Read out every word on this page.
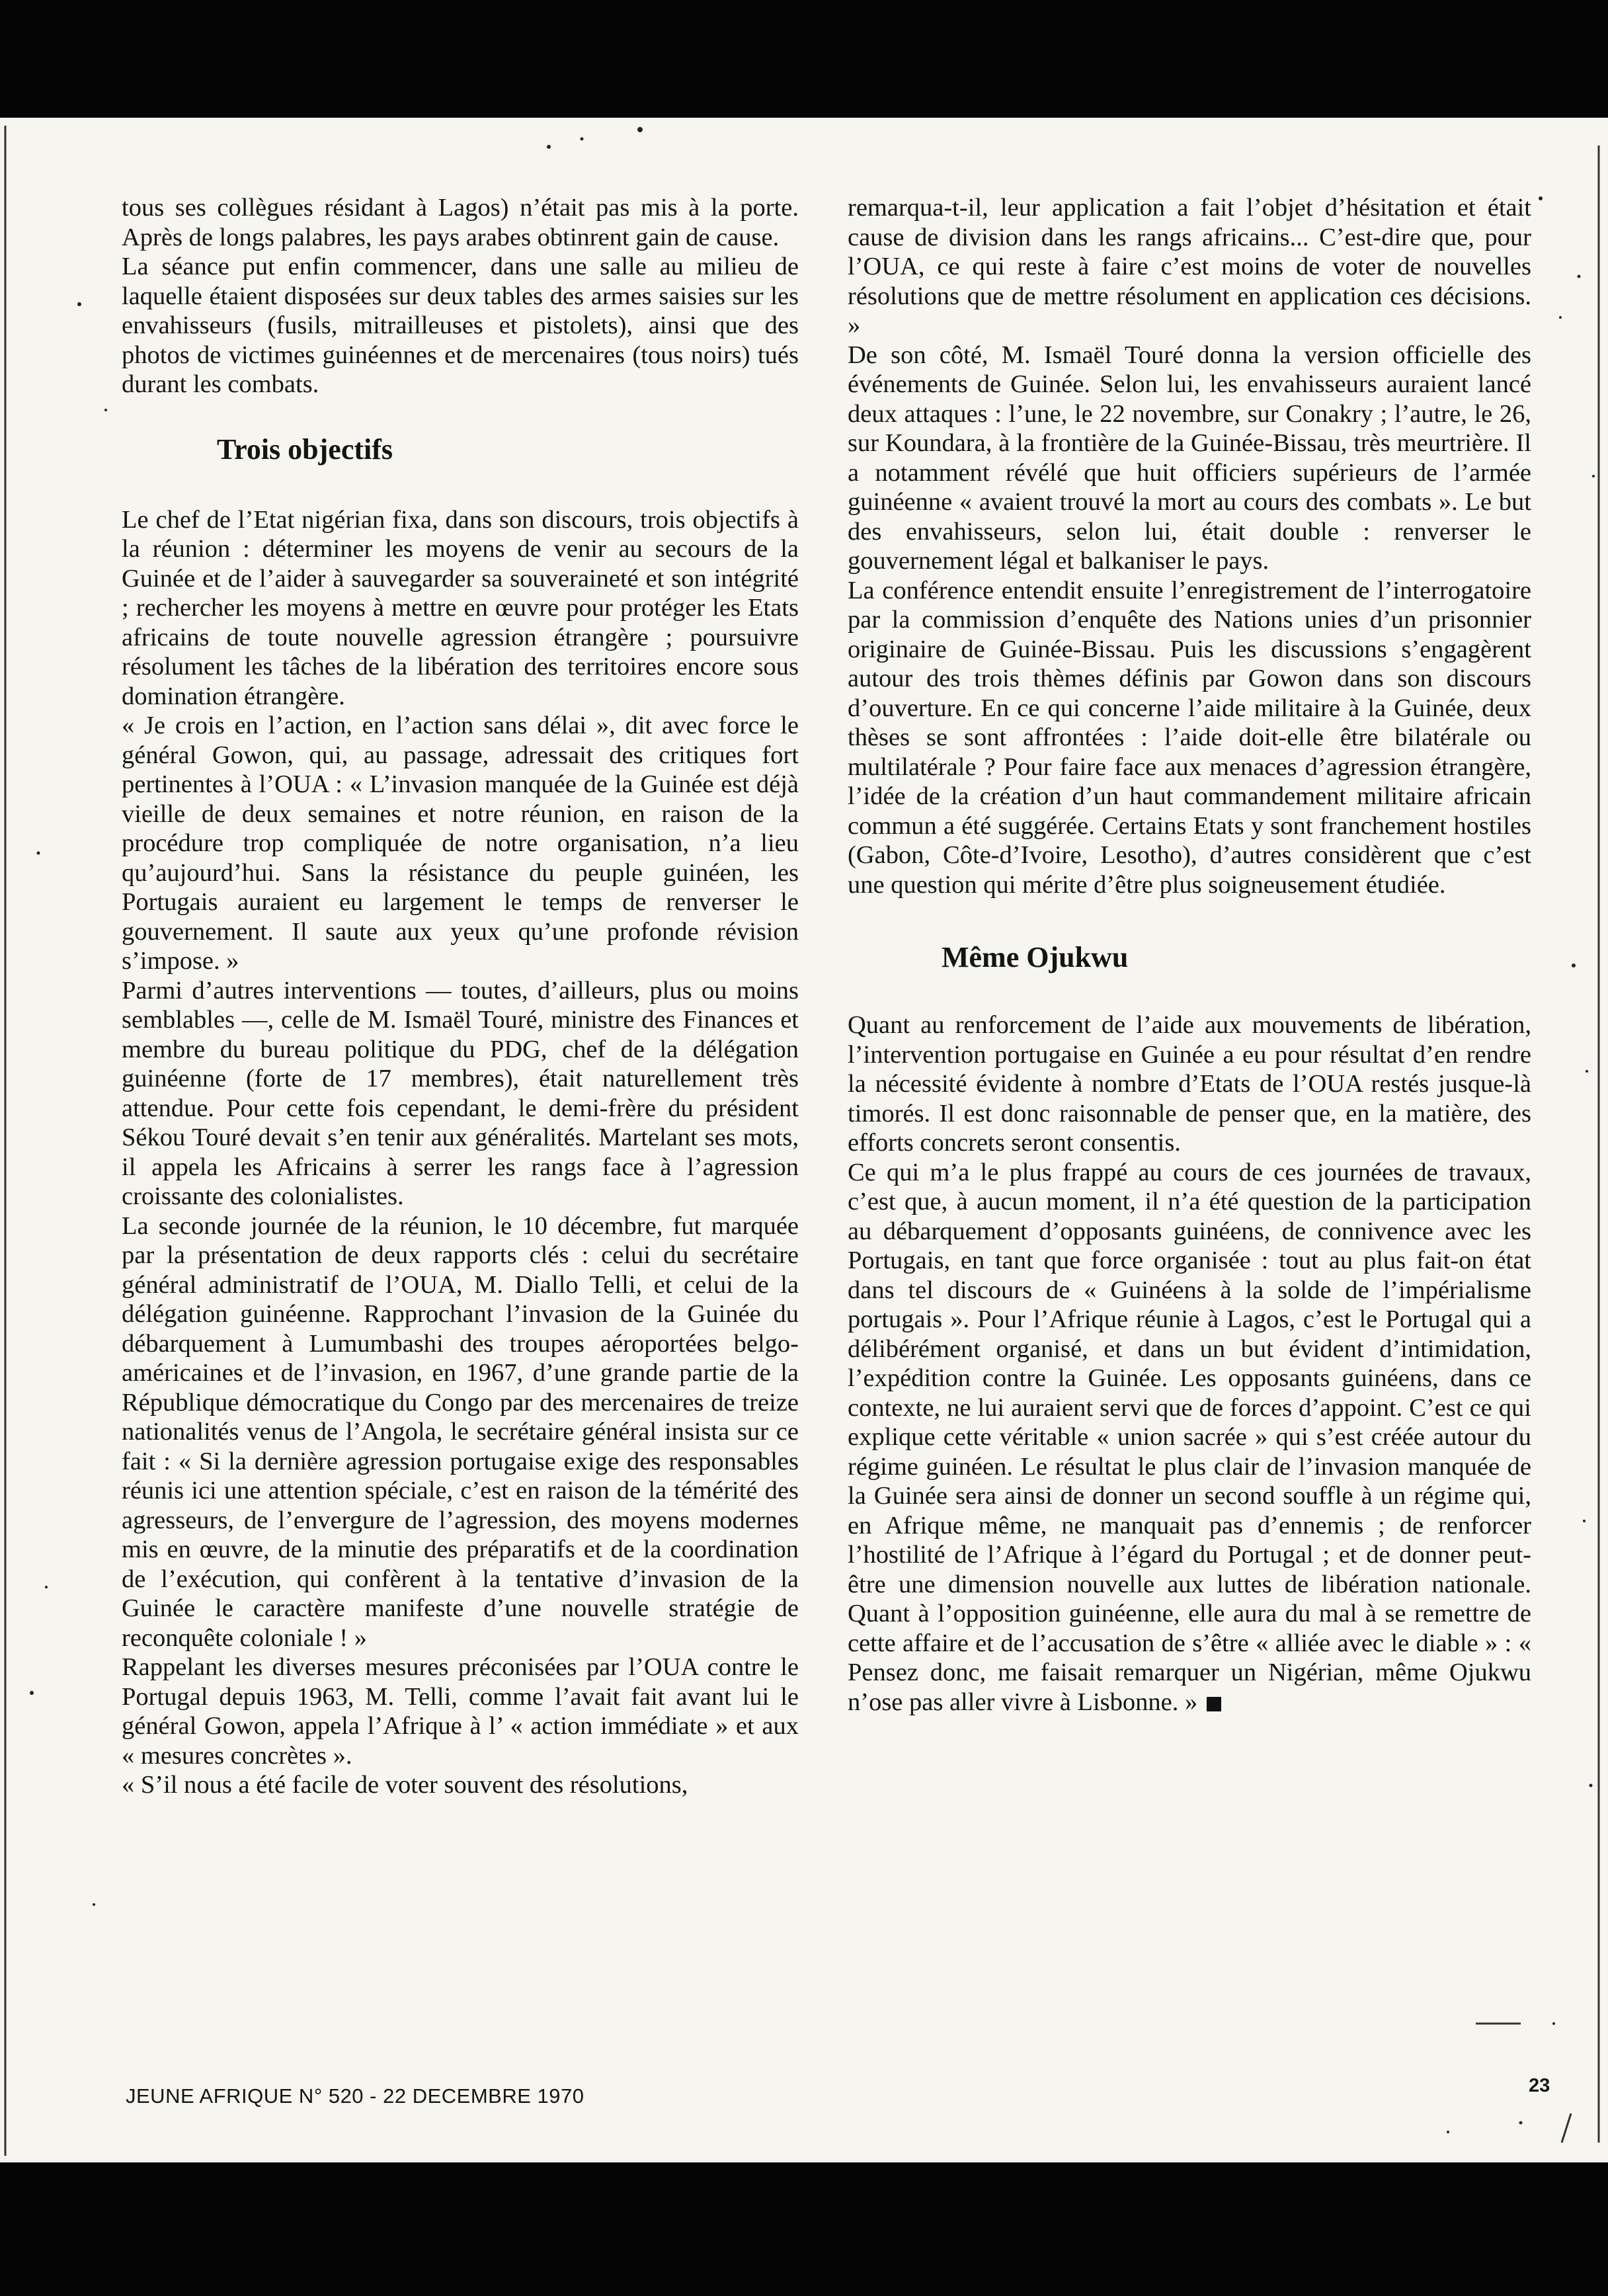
tous ses collègues résidant à Lagos) n’était pas mis à la porte. Après de longs palabres, les pays arabes obtinrent gain de cause.

La séance put enfin commencer, dans une salle au milieu de laquelle étaient disposées sur deux tables des armes saisies sur les envahisseurs (fusils, mitrailleuses et pistolets), ainsi que des photos de victimes guinéennes et de mercenaires (tous noirs) tués durant les combats.

Trois objectifs

Le chef de l’Etat nigérian fixa, dans son discours, trois objectifs à la réunion : déterminer les moyens de venir au secours de la Guinée et de l’aider à sauvegarder sa souveraineté et son intégrité ; rechercher les moyens à mettre en œuvre pour protéger les Etats africains de toute nouvelle agression étrangère ; poursuivre résolument les tâches de la libération des territoires encore sous domination étrangère.

« Je crois en l’action, en l’action sans délai », dit avec force le général Gowon, qui, au passage, adressait des critiques fort pertinentes à l’OUA : « L’invasion manquée de la Guinée est déjà vieille de deux semaines et notre réunion, en raison de la procédure trop compliquée de notre organisation, n’a lieu qu’aujourd’hui. Sans la résistance du peuple guinéen, les Portugais auraient eu largement le temps de renverser le gouvernement. Il saute aux yeux qu’une profonde révision s’impose. »

Parmi d’autres interventions — toutes, d’ailleurs, plus ou moins semblables —, celle de M. Ismaël Touré, ministre des Finances et membre du bureau politique du PDG, chef de la délégation guinéenne (forte de 17 membres), était naturellement très attendue. Pour cette fois cependant, le demi-frère du président Sékou Touré devait s’en tenir aux généralités. Martelant ses mots, il appela les Africains à serrer les rangs face à l’agression croissante des colonialistes.

La seconde journée de la réunion, le 10 décembre, fut marquée par la présentation de deux rapports clés : celui du secrétaire général administratif de l’OUA, M. Diallo Telli, et celui de la délégation guinéenne. Rapprochant l’invasion de la Guinée du débarquement à Lumumbashi des troupes aéroportées belgo-américaines et de l’invasion, en 1967, d’une grande partie de la République démocratique du Congo par des mercenaires de treize nationalités venus de l’Angola, le secrétaire général insista sur ce fait : « Si la dernière agression portugaise exige des responsables réunis ici une attention spéciale, c’est en raison de la témérité des agresseurs, de l’envergure de l’agression, des moyens modernes mis en œuvre, de la minutie des préparatifs et de la coordination de l’exécution, qui confèrent à la tentative d’invasion de la Guinée le caractère manifeste d’une nouvelle stratégie de reconquête coloniale ! »

Rappelant les diverses mesures préconisées par l’OUA contre le Portugal depuis 1963, M. Telli, comme l’avait fait avant lui le général Gowon, appela l’Afrique à l’ « action immédiate » et aux « mesures concrètes ».

« S’il nous a été facile de voter souvent des résolutions,

remarqua-t-il, leur application a fait l’objet d’hésitation et était cause de division dans les rangs africains... C’est-dire que, pour l’OUA, ce qui reste à faire c’est moins de voter de nouvelles résolutions que de mettre résolument en application ces décisions. »

De son côté, M. Ismaël Touré donna la version officielle des événements de Guinée. Selon lui, les envahisseurs auraient lancé deux attaques : l’une, le 22 novembre, sur Conakry ; l’autre, le 26, sur Koundara, à la frontière de la Guinée-Bissau, très meurtrière. Il a notamment révélé que huit officiers supérieurs de l’armée guinéenne « avaient trouvé la mort au cours des combats ». Le but des envahisseurs, selon lui, était double : renverser le gouvernement légal et balkaniser le pays.

La conférence entendit ensuite l’enregistrement de l’interrogatoire par la commission d’enquête des Nations unies d’un prisonnier originaire de Guinée-Bissau. Puis les discussions s’engagèrent autour des trois thèmes définis par Gowon dans son discours d’ouverture. En ce qui concerne l’aide militaire à la Guinée, deux thèses se sont affrontées : l’aide doit-elle être bilatérale ou multilatérale ? Pour faire face aux menaces d’agression étrangère, l’idée de la création d’un haut commandement militaire africain commun a été suggérée. Certains Etats y sont franchement hostiles (Gabon, Côte-d’Ivoire, Lesotho), d’autres considèrent que c’est une question qui mérite d’être plus soigneusement étudiée.

Même Ojukwu

Quant au renforcement de l’aide aux mouvements de libération, l’intervention portugaise en Guinée a eu pour résultat d’en rendre la nécessité évidente à nombre d’Etats de l’OUA restés jusque-là timorés. Il est donc raisonnable de penser que, en la matière, des efforts concrets seront consentis.

Ce qui m’a le plus frappé au cours de ces journées de travaux, c’est que, à aucun moment, il n’a été question de la participation au débarquement d’opposants guinéens, de connivence avec les Portugais, en tant que force organisée : tout au plus fait-on état dans tel discours de « Guinéens à la solde de l’impérialisme portugais ». Pour l’Afrique réunie à Lagos, c’est le Portugal qui a délibérément organisé, et dans un but évident d’intimidation, l’expédition contre la Guinée. Les opposants guinéens, dans ce contexte, ne lui auraient servi que de forces d’appoint. C’est ce qui explique cette véritable « union sacrée » qui s’est créée autour du régime guinéen. Le résultat le plus clair de l’invasion manquée de la Guinée sera ainsi de donner un second souffle à un régime qui, en Afrique même, ne manquait pas d’ennemis ; de renforcer l’hostilité de l’Afrique à l’égard du Portugal ; et de donner peut-être une dimension nouvelle aux luttes de libération nationale. Quant à l’opposition guinéenne, elle aura du mal à se remettre de cette affaire et de l’accusation de s’être « alliée avec le diable » : « Pensez donc, me faisait remarquer un Nigérian, même Ojukwu n’ose pas aller vivre à Lisbonne. »

JEUNE AFRIQUE N° 520 - 22 DECEMBRE 1970	23
